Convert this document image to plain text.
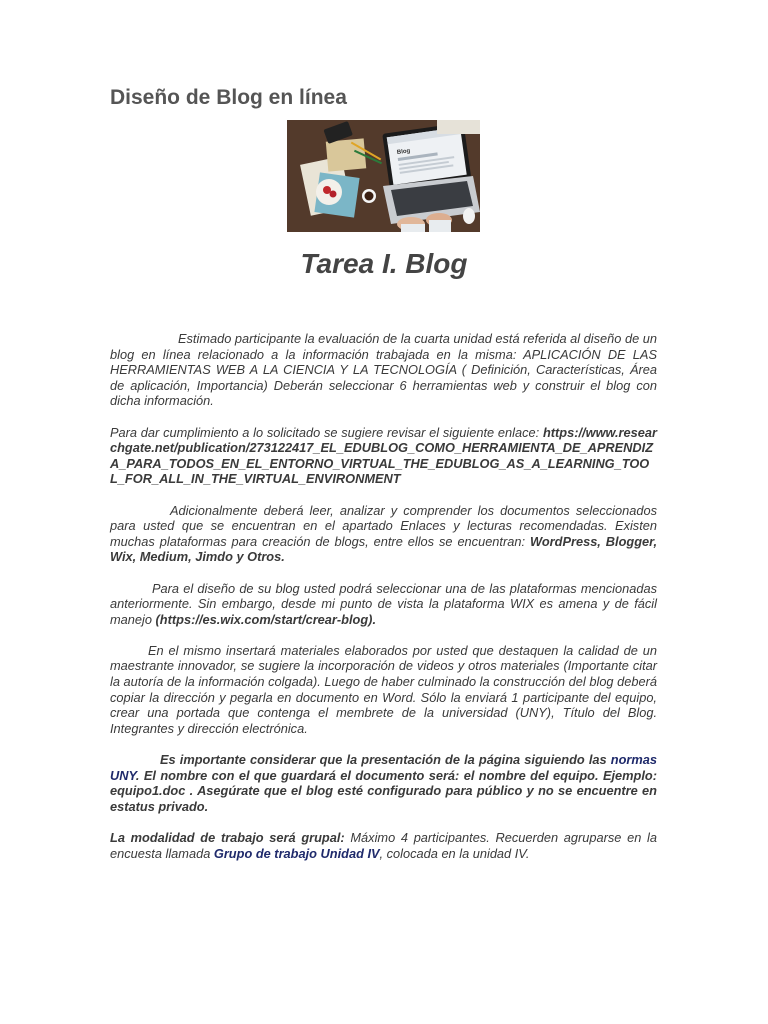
Diseño de Blog en línea
Blog
Tarea I. Blog

Estimado participante la evaluación de la cuarta unidad está referida al diseño de un blog en línea relacionado a la información trabajada en la misma: APLICACIÓN DE LAS HERRAMIENTAS WEB A LA CIENCIA Y LA TECNOLOGÍA ( Definición, Características, Área de aplicación, Importancia) Deberán seleccionar 6 herramientas web y construir el blog con dicha información.

Para dar cumplimiento a lo solicitado se sugiere revisar el siguiente enlace: https://www.researchgate.net/publication/273122417_EL_EDUBLOG_COMO_HERRAMIENTA_DE_APRENDIZA_PARA_TODOS_EN_EL_ENTORNO_VIRTUAL_THE_EDUBLOG_AS_A_LEARNING_TOOL_FOR_ALL_IN_THE_VIRTUAL_ENVIRONMENT

Adicionalmente deberá leer, analizar y comprender los documentos seleccionados para usted que se encuentran en el apartado Enlaces y lecturas recomendadas. Existen muchas plataformas para creación de blogs, entre ellos se encuentran: WordPress, Blogger, Wix, Medium, Jimdo y Otros.

Para el diseño de su blog usted podrá seleccionar una de las plataformas mencionadas anteriormente. Sin embargo, desde mi punto de vista la plataforma WIX es amena y de fácil manejo (https://es.wix.com/start/crear-blog).

En el mismo insertará materiales elaborados por usted que destaquen la calidad de un maestrante innovador, se sugiere la incorporación de videos y otros materiales (Importante citar la autoría de la información colgada). Luego de haber culminado la construcción del blog deberá copiar la dirección y pegarla en documento en Word. Sólo la enviará 1 participante del equipo, crear una portada que contenga el membrete de la universidad (UNY), Título del Blog. Integrantes y dirección electrónica.

Es importante considerar que la presentación de la página siguiendo las normas UNY. El nombre con el que guardará el documento será: el nombre del equipo. Ejemplo: equipo1.doc . Asegúrate que el blog esté configurado para público y no se encuentre en estatus privado.

La modalidad de trabajo será grupal: Máximo 4 participantes. Recuerden agruparse en la encuesta llamada Grupo de trabajo Unidad IV, colocada en la unidad IV.
